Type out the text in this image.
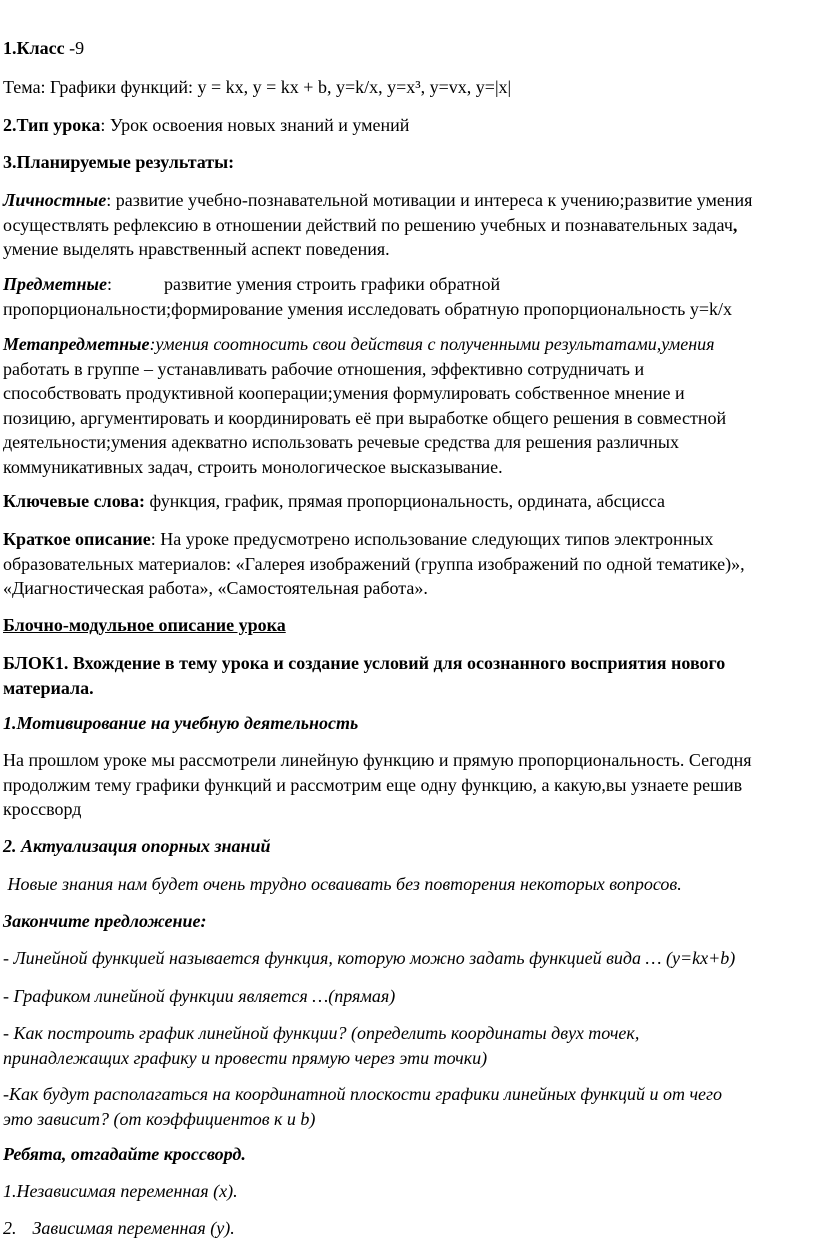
1.Класс -9

Тема: Графики функций: у = kx, у = kx + b, y=k/x, y=x³, y=vx, y=|x|

2.Тип урока: Урок освоения новых знаний и умений

3.Планируемые результаты:

Личностные: развитие учебно-познавательной мотивации и интереса к учению;развитие умения
осуществлять рефлексию в отношении действий по решению учебных и познавательных задач,
умение выделять нравственный аспект поведения.

Предметные:	развитие умения строить графики обратной
пропорциональности;формирование умения исследовать обратную пропорциональность y=k/x

Метапредметные:умения соотносить свои действия с полученными результатами,умения
работать в группе – устанавливать рабочие отношения, эффективно сотрудничать и
способствовать продуктивной кооперации;умения формулировать собственное мнение и
позицию, аргументировать и координировать её при выработке общего решения в совместной
деятельности;умения адекватно использовать речевые средства для решения различных
коммуникативных задач, строить монологическое высказывание.

Ключевые слова: функция, график, прямая пропорциональность, ордината, абсцисса

Краткое описание: На уроке предусмотрено использование следующих типов электронных
образовательных материалов: «Галерея изображений (группа изображений по одной тематике)»,
«Диагностическая работа», «Самостоятельная работа».

Блочно-модульное описание урока

БЛОК1. Вхождение в тему урока и создание условий для осознанного восприятия нового
материала.

1.Мотивирование на учебную деятельность

На прошлом уроке мы рассмотрели линейную функцию и прямую пропорциональность. Сегодня
продолжим тему графики функций и рассмотрим еще одну функцию, а какую,вы узнаете решив
кроссворд

2. Актуализация опорных знаний

Новые знания нам будет очень трудно осваивать без повторения некоторых вопросов.

Закончите предложение:

- Линейной функцией называется функция, которую можно задать функцией вида … (y=kx+b)

- Графиком линейной функции является …(прямая)

- Как построить график линейной функции? (определить координаты двух точек,
принадлежащих графику и провести прямую через эти точки)

-Как будут располагаться на координатной плоскости графики линейных функций и от чего
это зависит? (от коэффициентов к и b)

Ребята, отгадайте кроссворд.

1.Независимая переменная (х).

2. Зависимая переменная (у).
